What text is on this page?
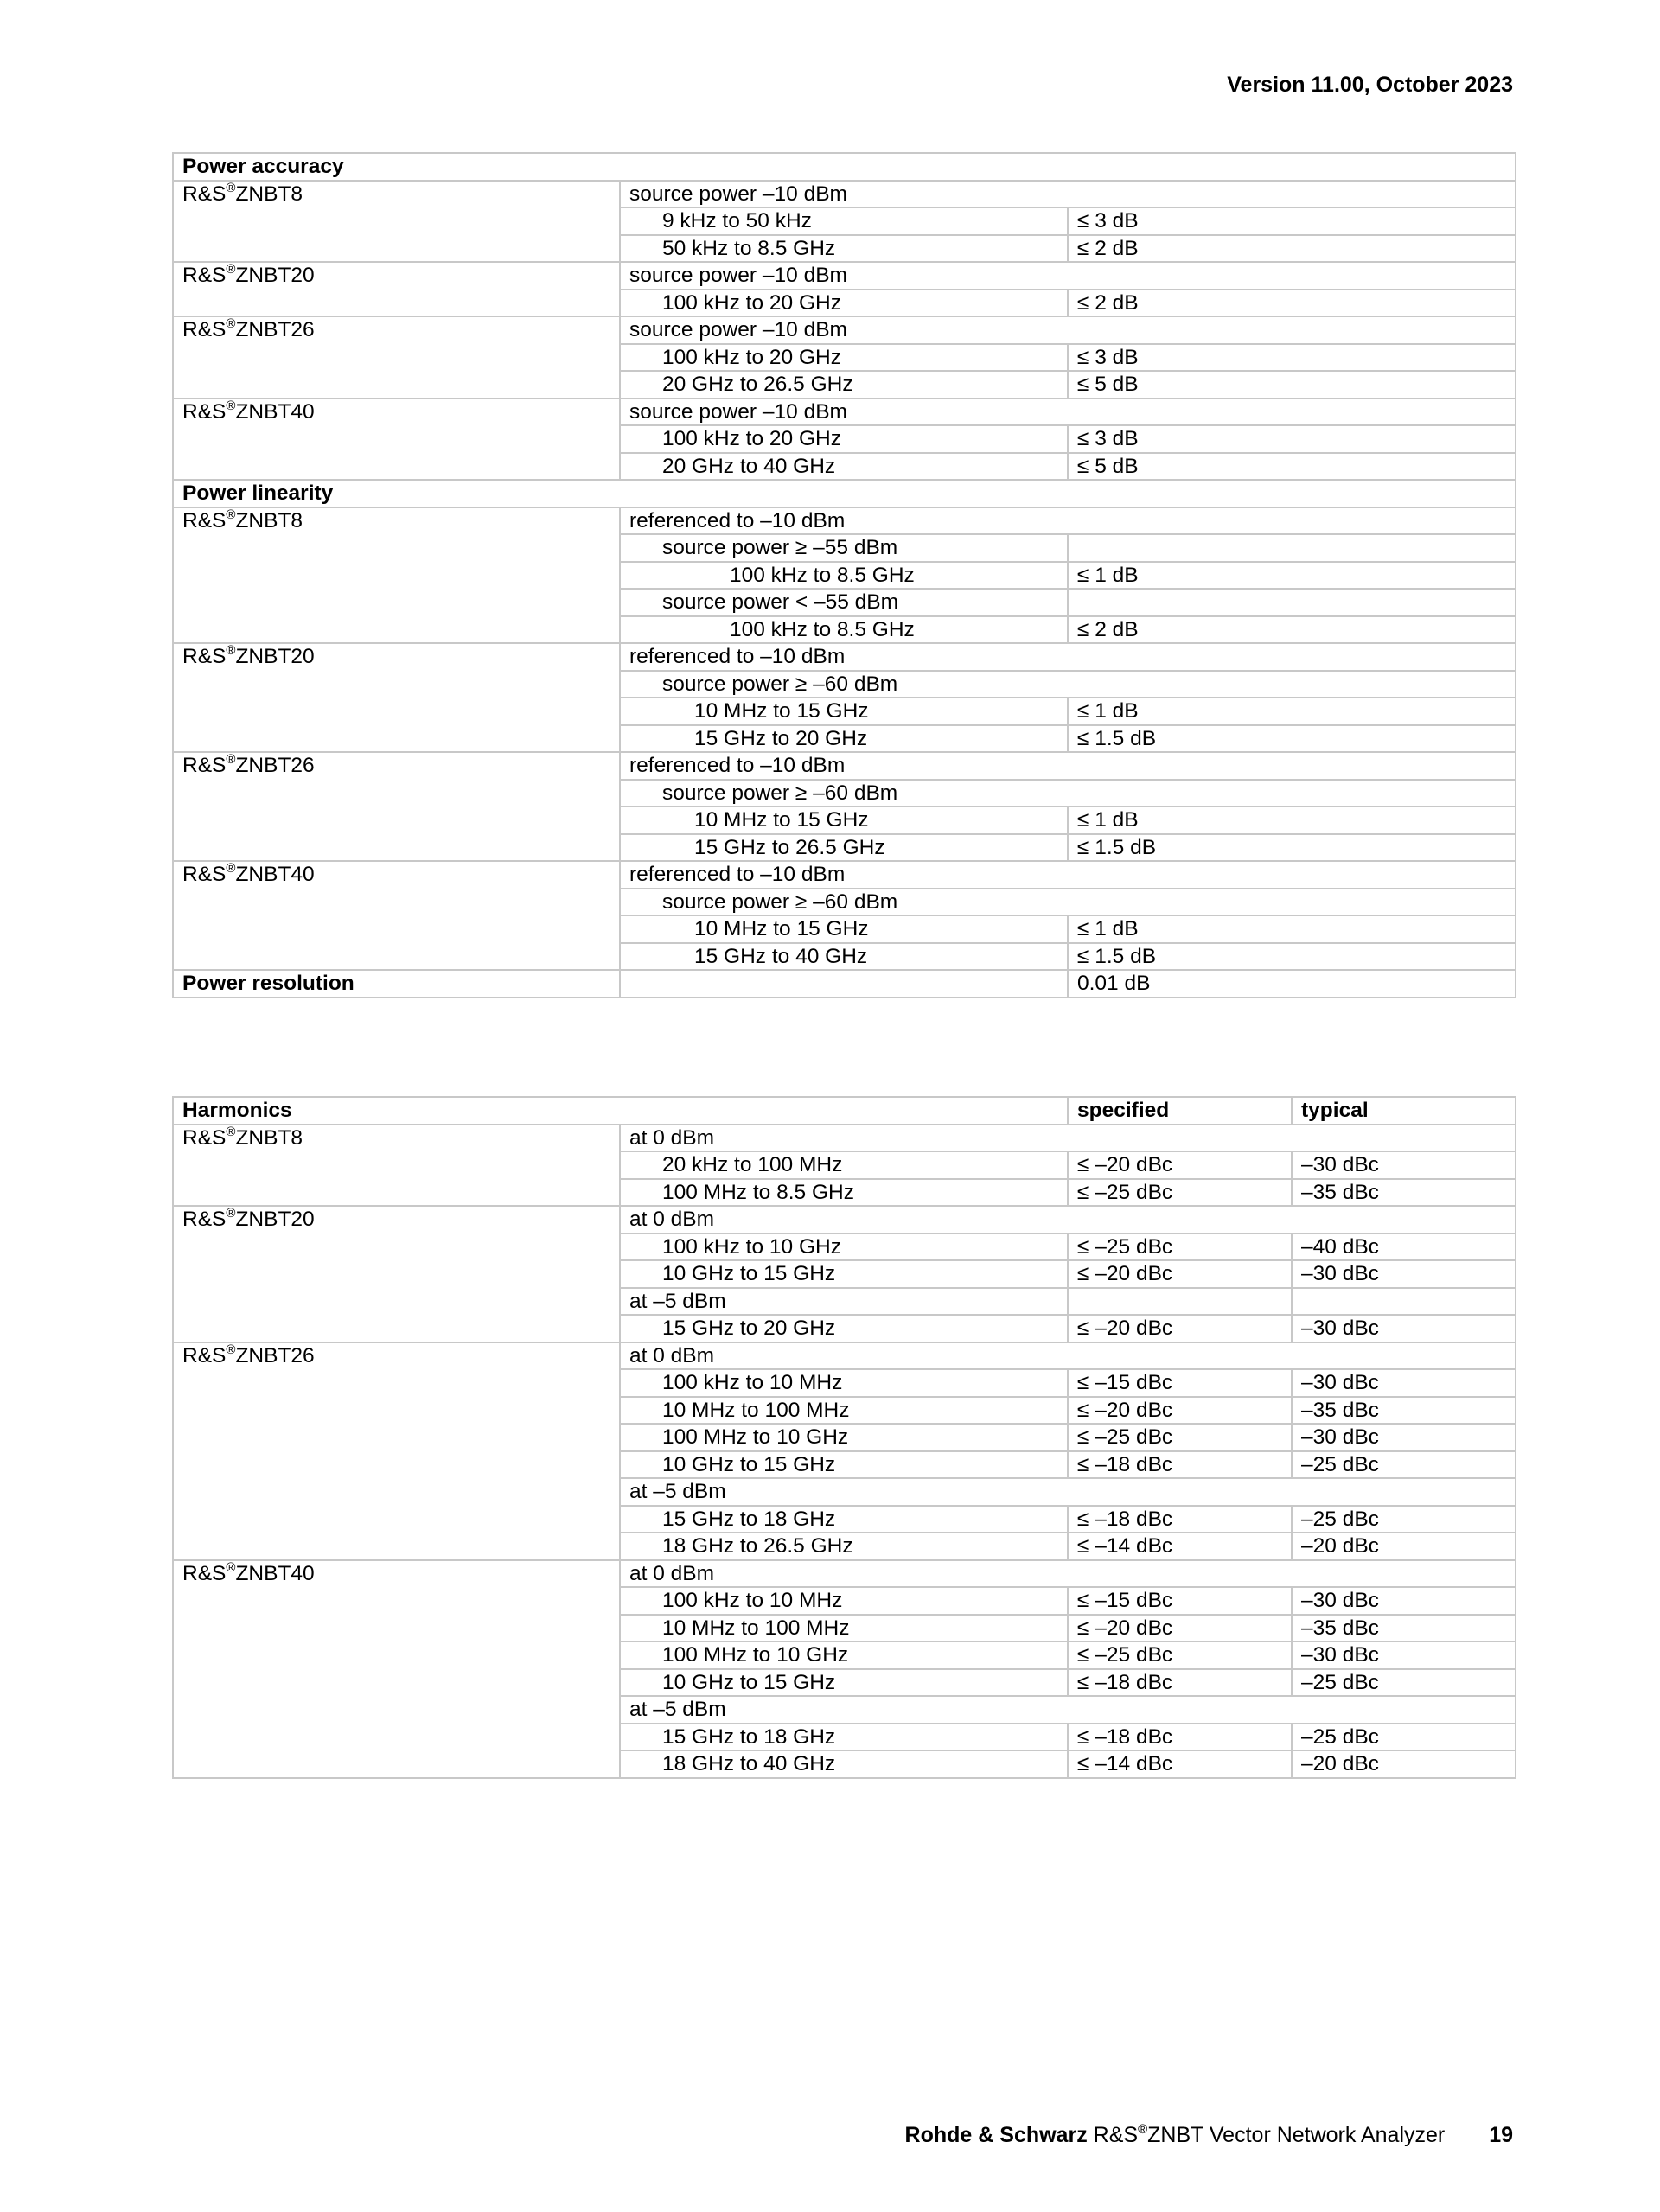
Version 11.00, October 2023
Power accuracy		
R&S®ZNBT8	source power –10 dBm	
	9 kHz to 50 kHz	≤ 3 dB
	50 kHz to 8.5 GHz	≤ 2 dB
R&S®ZNBT20	source power –10 dBm	
	100 kHz to 20 GHz	≤ 2 dB
R&S®ZNBT26	source power –10 dBm	
	100 kHz to 20 GHz	≤ 3 dB
	20 GHz to 26.5 GHz	≤ 5 dB
R&S®ZNBT40	source power –10 dBm	
	100 kHz to 20 GHz	≤ 3 dB
	20 GHz to 40 GHz	≤ 5 dB
Power linearity		
R&S®ZNBT8	referenced to –10 dBm	
	source power ≥ –55 dBm	
	100 kHz to 8.5 GHz	≤ 1 dB
	source power < –55 dBm	
	100 kHz to 8.5 GHz	≤ 2 dB
R&S®ZNBT20	referenced to –10 dBm	
	source power ≥ –60 dBm	
	10 MHz to 15 GHz	≤ 1 dB
	15 GHz to 20 GHz	≤ 1.5 dB
R&S®ZNBT26	referenced to –10 dBm	
	source power ≥ –60 dBm	
	10 MHz to 15 GHz	≤ 1 dB
	15 GHz to 26.5 GHz	≤ 1.5 dB
R&S®ZNBT40	referenced to –10 dBm	
	source power ≥ –60 dBm	
	10 MHz to 15 GHz	≤ 1 dB
	15 GHz to 40 GHz	≤ 1.5 dB
Power resolution		0.01 dB
Harmonics		specified	typical
R&S®ZNBT8	at 0 dBm		
	20 kHz to 100 MHz	≤ –20 dBc	–30 dBc
	100 MHz to 8.5 GHz	≤ –25 dBc	–35 dBc
R&S®ZNBT20	at 0 dBm		
	100 kHz to 10 GHz	≤ –25 dBc	–40 dBc
	10 GHz to 15 GHz	≤ –20 dBc	–30 dBc
	at –5 dBm		
	15 GHz to 20 GHz	≤ –20 dBc	–30 dBc
R&S®ZNBT26	at 0 dBm		
	100 kHz to 10 MHz	≤ –15 dBc	–30 dBc
	10 MHz to 100 MHz	≤ –20 dBc	–35 dBc
	100 MHz to 10 GHz	≤ –25 dBc	–30 dBc
	10 GHz to 15 GHz	≤ –18 dBc	–25 dBc
	at –5 dBm		
	15 GHz to 18 GHz	≤ –18 dBc	–25 dBc
	18 GHz to 26.5 GHz	≤ –14 dBc	–20 dBc
R&S®ZNBT40	at 0 dBm		
	100 kHz to 10 MHz	≤ –15 dBc	–30 dBc
	10 MHz to 100 MHz	≤ –20 dBc	–35 dBc
	100 MHz to 10 GHz	≤ –25 dBc	–30 dBc
	10 GHz to 15 GHz	≤ –18 dBc	–25 dBc
	at –5 dBm		
	15 GHz to 18 GHz	≤ –18 dBc	–25 dBc
	18 GHz to 40 GHz	≤ –14 dBc	–20 dBc
Rohde & Schwarz R&S®ZNBT Vector Network Analyzer 19
